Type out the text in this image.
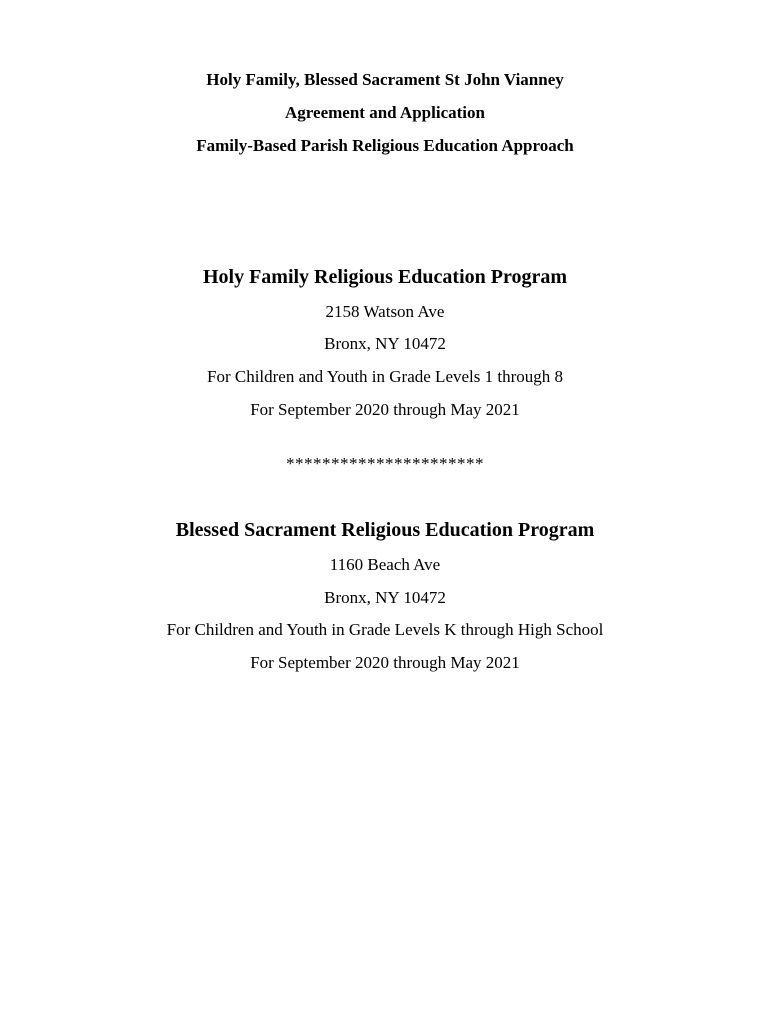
Holy Family, Blessed Sacrament St John Vianney
Agreement and Application
Family-Based Parish Religious Education Approach
Holy Family Religious Education Program
2158 Watson Ave
Bronx, NY 10472
For Children and Youth in Grade Levels 1 through 8
For September 2020 through May 2021
**********************
Blessed Sacrament Religious Education Program
1160 Beach Ave
Bronx, NY 10472
For Children and Youth in Grade Levels K through High School
For September 2020 through May 2021
